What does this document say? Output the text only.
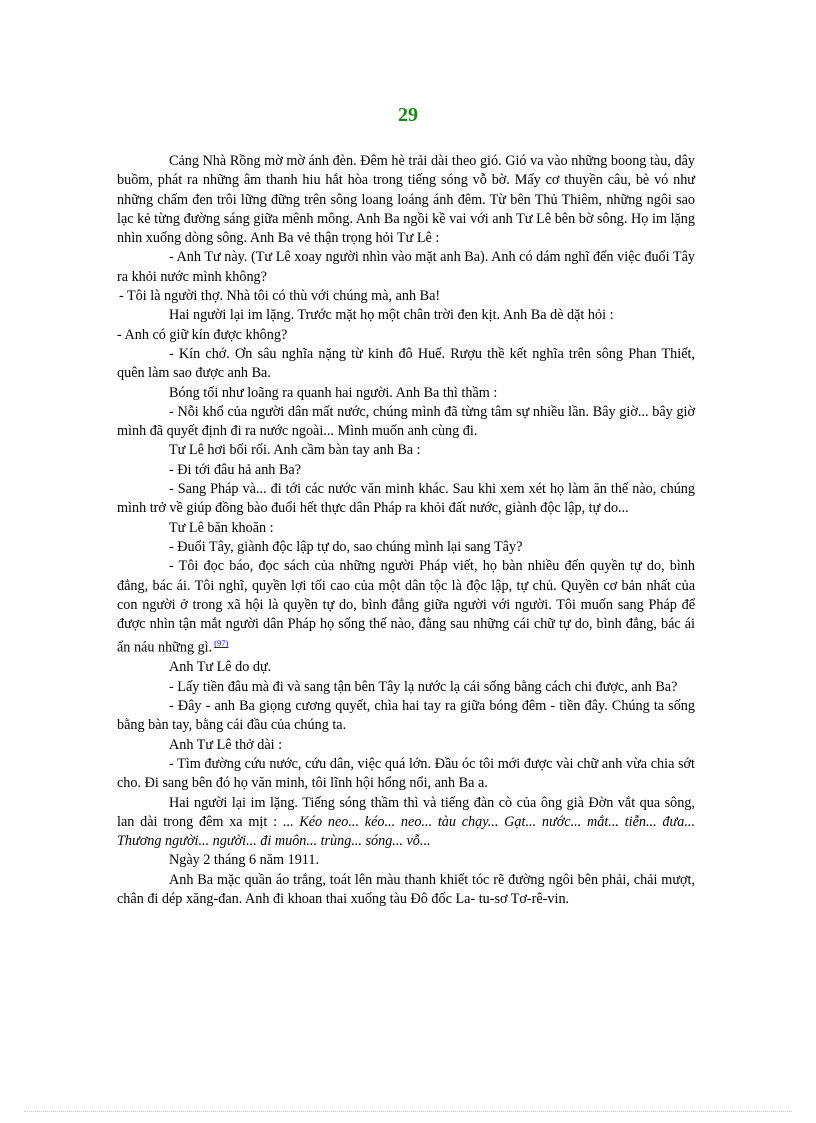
29

Cảng Nhà Rồng mờ mờ ánh đèn. Đêm hè trải dài theo gió. Gió va vào những boong tàu, dây buồm, phát ra những âm thanh hiu hắt hòa trong tiếng sóng vỗ bờ. Mấy cơ thuyền câu, bè vó như những chấm đen trôi lững đững trên sông loang loáng ánh đêm. Từ bên Thủ Thiêm, những ngôi sao lạc kẻ từng đường sáng giữa mênh mông. Anh Ba ngồi kề vai với anh Tư Lê bên bờ sông. Họ im lặng nhìn xuống dòng sông. Anh Ba vẻ thận trọng hỏi Tư Lê :

- Anh Tư này. (Tư Lê xoay người nhìn vào mặt anh Ba). Anh có dám nghĩ đến việc đuổi Tây ra khỏi nước mình không?

- Tôi là người thợ. Nhà tôi có thù với chúng mà, anh Ba!

Hai người lại im lặng. Trước mặt họ một chân trời đen kịt. Anh Ba dè dặt hỏi :

- Anh có giữ kín được không?

- Kín chớ. Ơn sâu nghĩa nặng từ kinh đô Huế. Rượu thề kết nghĩa trên sông Phan Thiết, quên làm sao được anh Ba.

Bóng tối như loãng ra quanh hai người. Anh Ba thì thầm :

- Nỗi khổ của người dân mất nước, chúng mình đã từng tâm sự nhiều lần. Bây giờ... bây giờ mình đã quyết định đi ra nước ngoài... Mình muốn anh cùng đi.

Tư Lê hơi bối rối. Anh cầm bàn tay anh Ba :

- Đi tới đâu hả anh Ba?

- Sang Pháp và... đi tới các nước văn minh khác. Sau khi xem xét họ làm ăn thế nào, chúng mình trở về giúp đồng bào đuổi hết thực dân Pháp ra khỏi đất nước, giành độc lập, tự do...

Tư Lê băn khoăn :

- Đuổi Tây, giành độc lập tự do, sao chúng mình lại sang Tây?

- Tôi đọc báo, đọc sách của những người Pháp viết, họ bàn nhiều đến quyền tự do, bình đẳng, bác ái. Tôi nghĩ, quyền lợi tối cao của một dân tộc là độc lập, tự chủ. Quyền cơ bản nhất của con người ở trong xã hội là quyền tự do, bình đẳng giữa người với người. Tôi muốn sang Pháp để được nhìn tận mắt người dân Pháp họ sống thế nào, đằng sau những cái chữ tự do, bình đẳng, bác ái ẩn náu những gì. $^{(97)}$

Anh Tư Lê do dự.

- Lấy tiền đâu mà đi và sang tận bên Tây lạ nước lạ cái sống bằng cách chi được, anh Ba?

- Đây - anh Ba giọng cương quyết, chìa hai tay ra giữa bóng đêm - tiền đây. Chúng ta sống bằng bàn tay, bằng cái đầu của chúng ta.

Anh Tư Lê thở dài :

- Tìm đường cứu nước, cứu dân, việc quá lớn. Đầu óc tôi mới được vài chữ anh vừa chia sớt cho. Đi sang bên đó họ văn minh, tôi lĩnh hội hổng nổi, anh Ba a.

Hai người lại im lặng. Tiếng sóng thầm thì và tiếng đàn cò của ông già Đờn vắt qua sông, lan dài trong đêm xa mịt : ... Kéo neo... kéo... neo... tàu chạy... Gạt... nước... mắt... tiễn... đưa... Thương người... người... đi muôn... trùng... sóng... vỗ...

Ngày 2 tháng 6 năm 1911.

Anh Ba mặc quần áo trắng, toát lên màu thanh khiết tóc rẽ đường ngôi bên phải, chải mượt, chân đi dép xăng-đan. Anh đi khoan thai xuống tàu Đô đốc La- tu-sơ Tơ-rê-vin.
